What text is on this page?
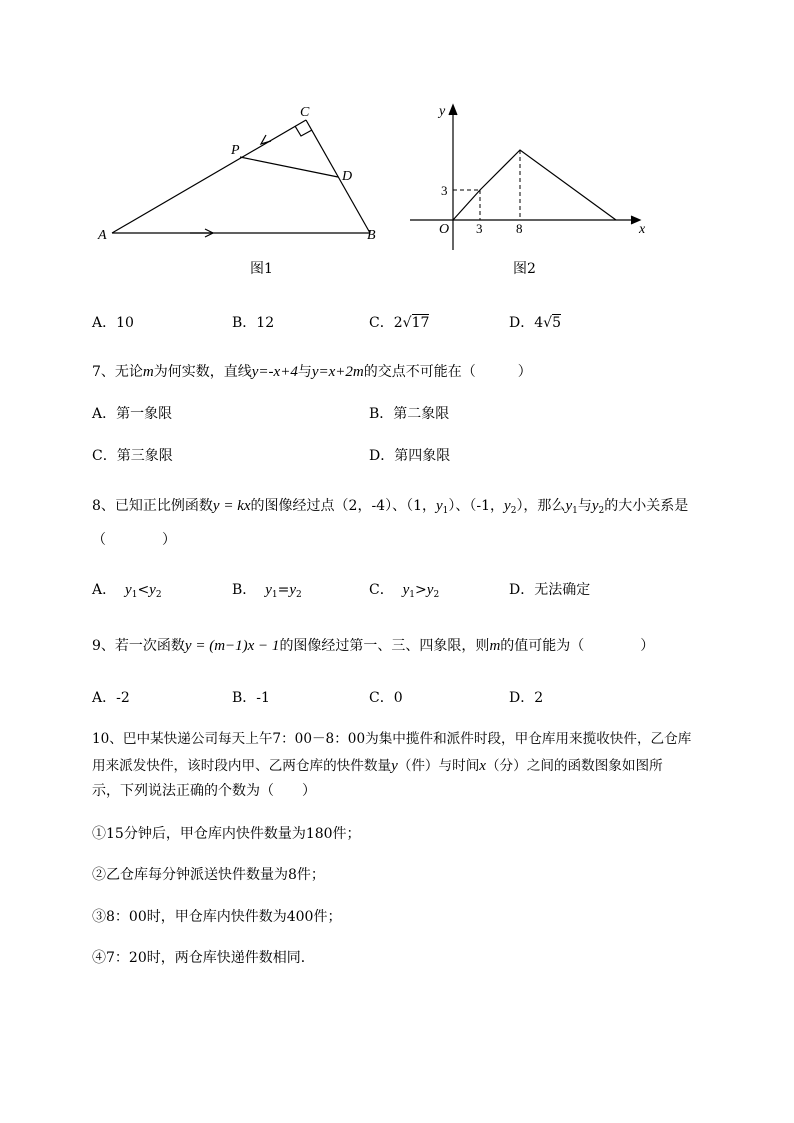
A	B
C
D
P
图1
y
x
O 3	8
3
图2
A．10	B．12	C．2√17	D．4√5
7、无论m为何实数，直线y=-x+4与y=x+2m的交点不可能在（　　　）
A．第一象限	B．第二象限
C．第三象限	D．第四象限
8、已知正比例函数y = kx的图像经过点（2，-4）、（1，$y_1$）、（-1，$y_2$），那么$y_1$与$y_2$的大小关系是
（　　　　）
A． $y_1<y_2$	B． $y_1=y_2$	C． $y_1>y_2$	D．无法确定
9、若一次函数y = (m−1)x − 1的图像经过第一、三、四象限，则m的值可能为（　　　　）
A．-2	B．-1	C．0	D．2
10、巴中某快递公司每天上午7：00－8：00为集中揽件和派件时段，甲仓库用来揽收快件，乙仓库
用来派发快件，该时段内甲、乙两仓库的快件数量y（件）与时间x（分）之间的函数图象如图所
示，下列说法正确的个数为（　　）
①15分钟后，甲仓库内快件数量为180件；
②乙仓库每分钟派送快件数量为8件；
③8：00时，甲仓库内快件数为400件；
④7：20时，两仓库快递件数相同．
